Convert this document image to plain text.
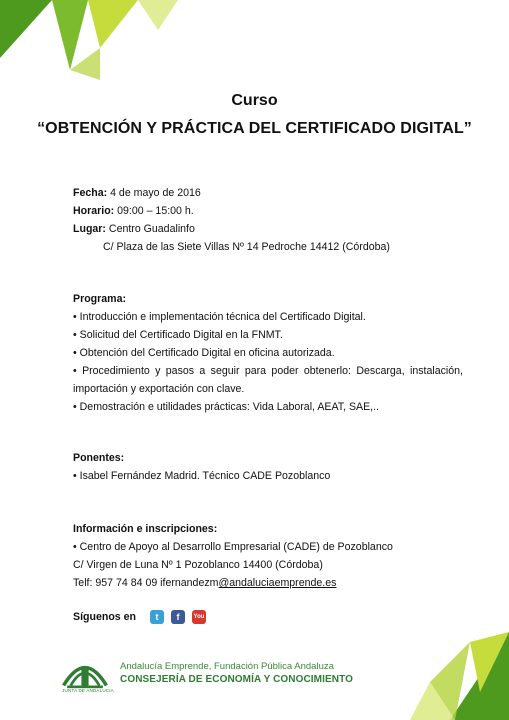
Curso
“OBTENCIÓN Y PRÁCTICA DEL CERTIFICADO DIGITAL”
Fecha: 4 de mayo de 2016
Horario: 09:00 – 15:00 h.
Lugar: Centro Guadalinfo
C/ Plaza de las Siete Villas Nº 14 Pedroche 14412 (Córdoba)
Programa:
• Introducción e implementación técnica del Certificado Digital.
• Solicitud del Certificado Digital en la FNMT.
• Obtención del Certificado Digital en oficina autorizada.
• Procedimiento y pasos a seguir para poder obtenerlo: Descarga, instalación, importación y exportación con clave.
• Demostración e utilidades prácticas: Vida Laboral, AEAT, SAE,..
Ponentes:
• Isabel Fernández Madrid. Técnico CADE Pozoblanco
Información e inscripciones:
• Centro de Apoyo al Desarrollo Empresarial (CADE) de Pozoblanco
C/ Virgen de Luna Nº 1 Pozoblanco 14400 (Córdoba)
Telf: 957 74 84 09 ifernandezm@andaluciaemprende.es
Síguenos en	t	f	You
JUNTA DE ANDALUCIA
Andalucía Emprende, Fundación Pública Andaluza
CONSEJERÍA DE ECONOMÍA Y CONOCIMIENTO
